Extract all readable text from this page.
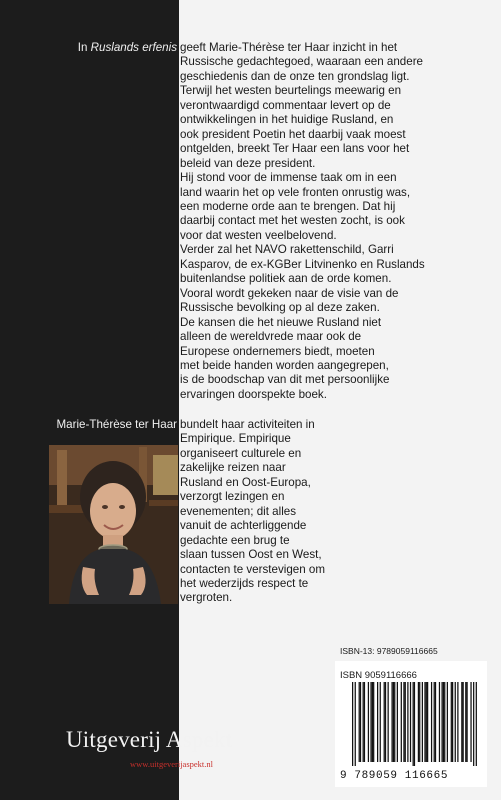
In Ruslands erfenis geeft Marie-Thérèse ter Haar inzicht in het
Russische gedachtegoed, waaraan een andere
geschiedenis dan de onze ten grondslag ligt.
Terwijl het westen beurtelings meewarig en
verontwaardigd commentaar levert op de
ontwikkelingen in het huidige Rusland, en
ook president Poetin het daarbij vaak moest
ontgelden, breekt Ter Haar een lans voor het
beleid van deze president.
Hij stond voor de immense taak om in een
land waarin het op vele fronten onrustig was,
een moderne orde aan te brengen. Dat hij
daarbij contact met het westen zocht, is ook
voor dat westen veelbelovend.
Verder zal het NAVO rakettenschild, Garri
Kasparov, de ex-KGBer Litvinenko en Ruslands
buitenlandse politiek aan de orde komen.
Vooral wordt gekeken naar de visie van de
Russische bevolking op al deze zaken.
De kansen die het nieuwe Rusland niet
alleen de wereldvrede maar ook de
Europese ondernemers biedt, moeten
met beide handen worden aangegrepen,
is de boodschap van dit met persoonlijke
ervaringen doorspekte boek.
Marie-Thérèse ter Haar bundelt haar activiteiten in
Empirique. Empirique
organiseert culturele en
zakelijke reizen naar
Rusland en Oost-Europa,
verzorgt lezingen en
evenementen; dit alles
vanuit de achterliggende
gedachte een brug te
slaan tussen Oost en West,
contacten te verstevigen om
het wederzijds respect te
vergroten.
ISBN-13: 9789059116665
ISBN 9059116666
9 789059 116665
Uitgeverij Aspekt
www.uitgeverijaspekt.nl
